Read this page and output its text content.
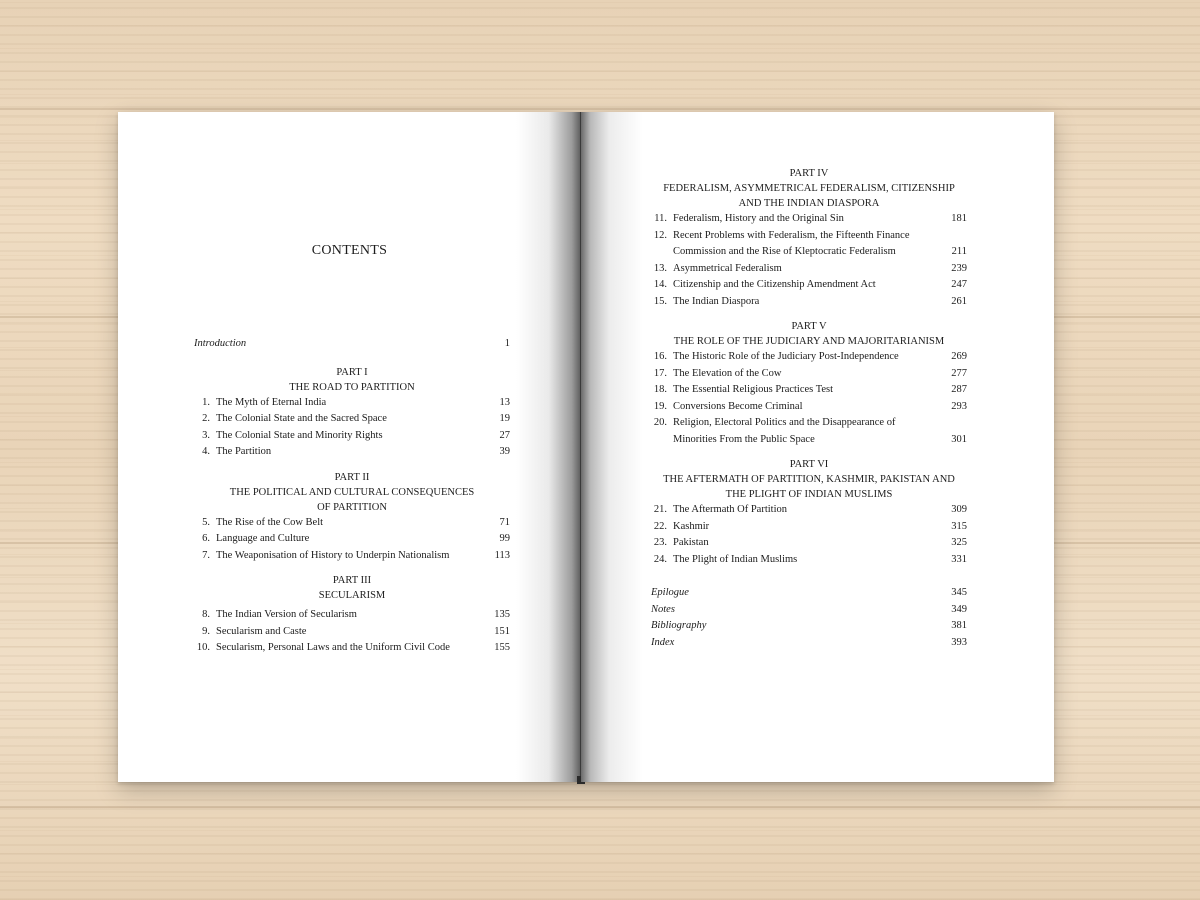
CONTENTS
Introduction	1
PART I
THE ROAD TO PARTITION
1. The Myth of Eternal India	13
2. The Colonial State and the Sacred Space	19
3. The Colonial State and Minority Rights	27
4. The Partition	39
PART II
THE POLITICAL AND CULTURAL CONSEQUENCES
OF PARTITION
5. The Rise of the Cow Belt	71
6. Language and Culture	99
7. The Weaponisation of History to Underpin Nationalism	113
PART III
SECULARISM
8. The Indian Version of Secularism	135
9. Secularism and Caste	151
10. Secularism, Personal Laws and the Uniform Civil Code	155
PART IV
FEDERALISM, ASYMMETRICAL FEDERALISM, CITIZENSHIP
AND THE INDIAN DIASPORA
11. Federalism, History and the Original Sin	181
12. Recent Problems with Federalism, the Fifteenth Finance Commission and the Rise of Kleptocratic Federalism	211
13. Asymmetrical Federalism	239
14. Citizenship and the Citizenship Amendment Act	247
15. The Indian Diaspora	261
PART V
THE ROLE OF THE JUDICIARY AND MAJORITARIANISM
16. The Historic Role of the Judiciary Post-Independence	269
17. The Elevation of the Cow	277
18. The Essential Religious Practices Test	287
19. Conversions Become Criminal	293
20. Religion, Electoral Politics and the Disappearance of Minorities From the Public Space	301
PART VI
THE AFTERMATH OF PARTITION, KASHMIR, PAKISTAN AND
THE PLIGHT OF INDIAN MUSLIMS
21. The Aftermath Of Partition	309
22. Kashmir	315
23. Pakistan	325
24. The Plight of Indian Muslims	331
Epilogue	345
Notes	349
Bibliography	381
Index	393
